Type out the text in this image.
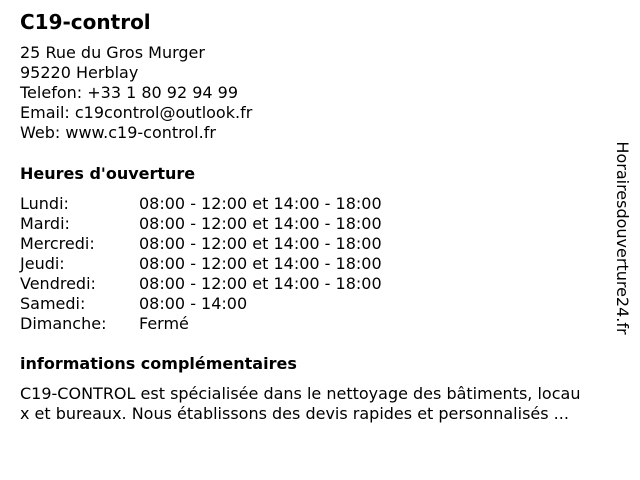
C19-control
25 Rue du Gros Murger
95220 Herblay
Telefon: +33 1 80 92 94 99
Email: c19control@outlook.fr
Web: www.c19-control.fr
Heures d'ouverture
Lundi:	08:00 - 12:00 et 14:00 - 18:00
Mardi:	08:00 - 12:00 et 14:00 - 18:00
Mercredi:	08:00 - 12:00 et 14:00 - 18:00
Jeudi:	08:00 - 12:00 et 14:00 - 18:00
Vendredi:	08:00 - 12:00 et 14:00 - 18:00
Samedi:	08:00 - 14:00
Dimanche: Fermé
informations complémentaires
C19-CONTROL est spécialisée dans le nettoyage des bâtiments, locau
x et bureaux. Nous établissons des devis rapides et personnalisés ...
Horairesdouverture24.fr
